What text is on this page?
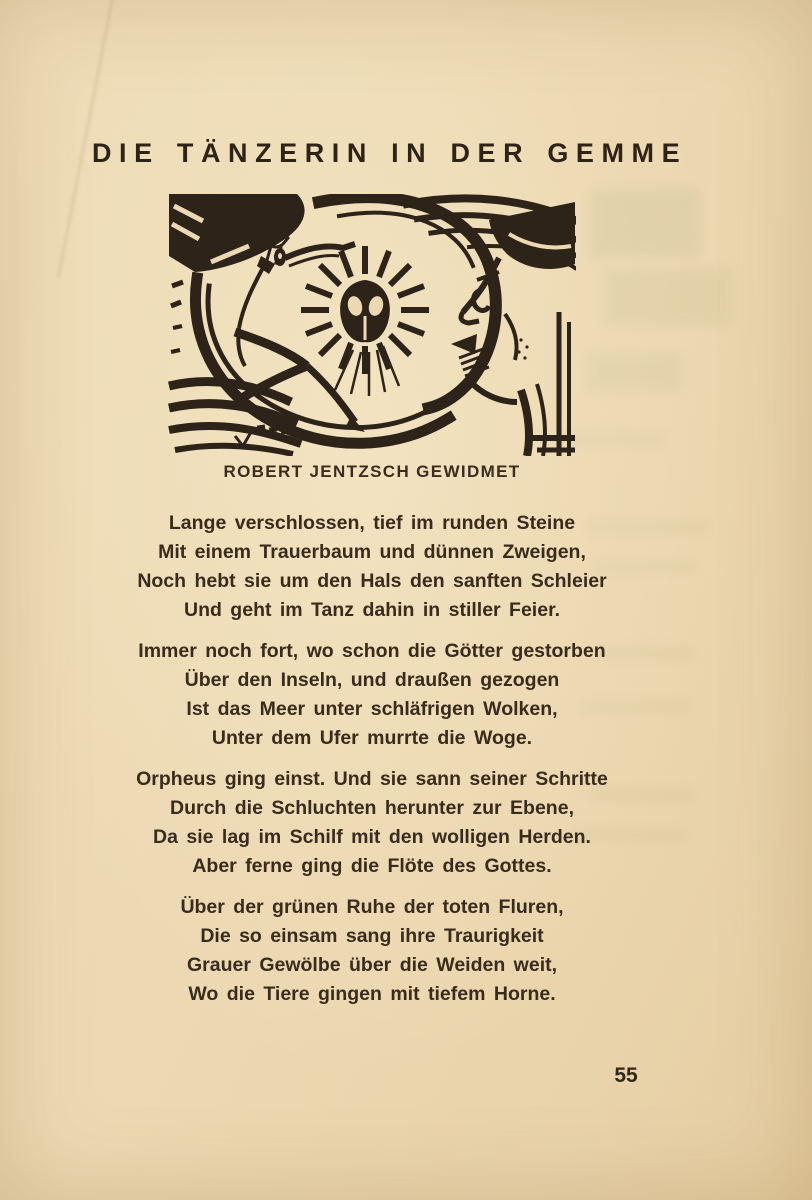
DIE TÄNZERIN IN DER GEMME
ROBERT JENTZSCH GEWIDMET
Lange verschlossen, tief im runden Steine
Mit einem Trauerbaum und dünnen Zweigen,
Noch hebt sie um den Hals den sanften Schleier
Und geht im Tanz dahin in stiller Feier.
Immer noch fort, wo schon die Götter gestorben
Über den Inseln, und draußen gezogen
Ist das Meer unter schläfrigen Wolken,
Unter dem Ufer murrte die Woge.
Orpheus ging einst. Und sie sann seiner Schritte
Durch die Schluchten herunter zur Ebene,
Da sie lag im Schilf mit den wolligen Herden.
Aber ferne ging die Flöte des Gottes.
Über der grünen Ruhe der toten Fluren,
Die so einsam sang ihre Traurigkeit
Grauer Gewölbe über die Weiden weit,
Wo die Tiere gingen mit tiefem Horne.
55
